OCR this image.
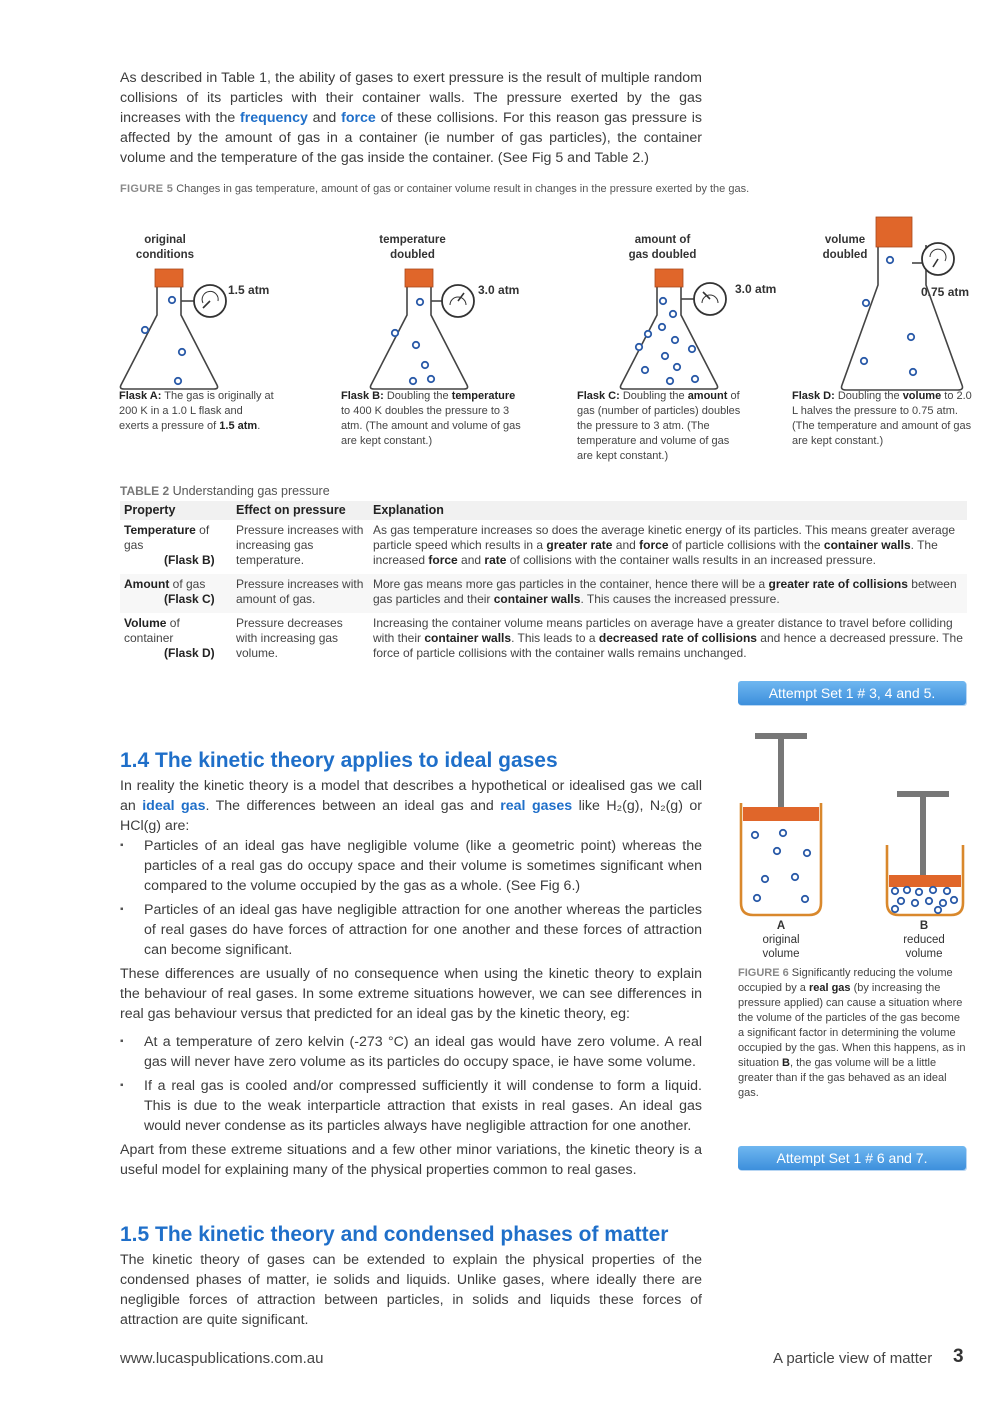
As described in Table 1, the ability of gases to exert pressure is the result of multiple random collisions of its particles with their container walls. The pressure exerted by the gas increases with the frequency and force of these collisions. For this reason gas pressure is affected by the amount of gas in a container (ie number of gas particles), the container volume and the temperature of the gas inside the container. (See Fig 5 and Table 2.)
FIGURE 5 Changes in gas temperature, amount of gas or container volume result in changes in the pressure exerted by the gas.
original
conditions
1.5 atm
Flask A: The gas is originally at 200 K in a 1.0 L flask and exerts a pressure of 1.5 atm.
temperature
doubled
3.0 atm
Flask B: Doubling the temperature to 400 K doubles the pressure to 3 atm. (The amount and volume of gas are kept constant.)
amount of
gas doubled
3.0 atm
Flask C: Doubling the amount of gas (number of particles) doubles the pressure to 3 atm. (The temperature and volume of gas are kept constant.)
volume
doubled
0.75 atm
Flask D: Doubling the volume to 2.0 L halves the pressure to 0.75 atm. (The temperature and amount of gas are kept constant.)
TABLE 2 Understanding gas pressure
Property	Effect on pressure	Explanation
Temperature of gas
(Flask B)	Pressure increases with increasing gas temperature.	As gas temperature increases so does the average kinetic energy of its particles. This means greater average particle speed which results in a greater rate and force of particle collisions with the container walls. The increased force and rate of collisions with the container walls results in an increased pressure.
Amount of gas
(Flask C)	Pressure increases with amount of gas.	More gas means more gas particles in the container, hence there will be a greater rate of collisions between gas particles and their container walls. This causes the increased pressure.
Volume of container
(Flask D)	Pressure decreases with increasing gas volume.	Increasing the container volume means particles on average have a greater distance to travel before colliding with their container walls. This leads to a decreased rate of collisions and hence a decreased pressure. The force of particle collisions with the container walls remains unchanged.
Attempt Set 1 # 3, 4 and 5.
1.4 The kinetic theory applies to ideal gases
In reality the kinetic theory is a model that describes a hypothetical or idealised gas we call an ideal gas. The differences between an ideal gas and real gases like H₂(g), N₂(g) or HCl(g) are:
▪ Particles of an ideal gas have negligible volume (like a geometric point) whereas the particles of a real gas do occupy space and their volume is sometimes significant when compared to the volume occupied by the gas as a whole. (See Fig 6.)
▪ Particles of an ideal gas have negligible attraction for one another whereas the particles of real gases do have forces of attraction for one another and these forces of attraction can become significant.
These differences are usually of no consequence when using the kinetic theory to explain the behaviour of real gases. In some extreme situations however, we can see differences in real gas behaviour versus that predicted for an ideal gas by the kinetic theory, eg:
▪ At a temperature of zero kelvin (-273 °C) an ideal gas would have zero volume. A real gas will never have zero volume as its particles do occupy space, ie have some volume.
▪ If a real gas is cooled and/or compressed sufficiently it will condense to form a liquid. This is due to the weak interparticle attraction that exists in real gases. An ideal gas would never condense as its particles always have negligible attraction for one another.
Apart from these extreme situations and a few other minor variations, the kinetic theory is a useful model for explaining many of the physical properties common to real gases.
A
original
volume
B
reduced
volume
FIGURE 6 Significantly reducing the volume occupied by a real gas (by increasing the pressure applied) can cause a situation where the volume of the particles of the gas become a significant factor in determining the volume occupied by the gas. When this happens, as in situation B, the gas volume will be a little greater than if the gas behaved as an ideal gas.
Attempt Set 1 # 6 and 7.
1.5 The kinetic theory and condensed phases of matter
The kinetic theory of gases can be extended to explain the physical properties of the condensed phases of matter, ie solids and liquids. Unlike gases, where ideally there are negligible forces of attraction between particles, in solids and liquids these forces of attraction are quite significant.
www.lucaspublications.com.au	A particle view of matter 3
